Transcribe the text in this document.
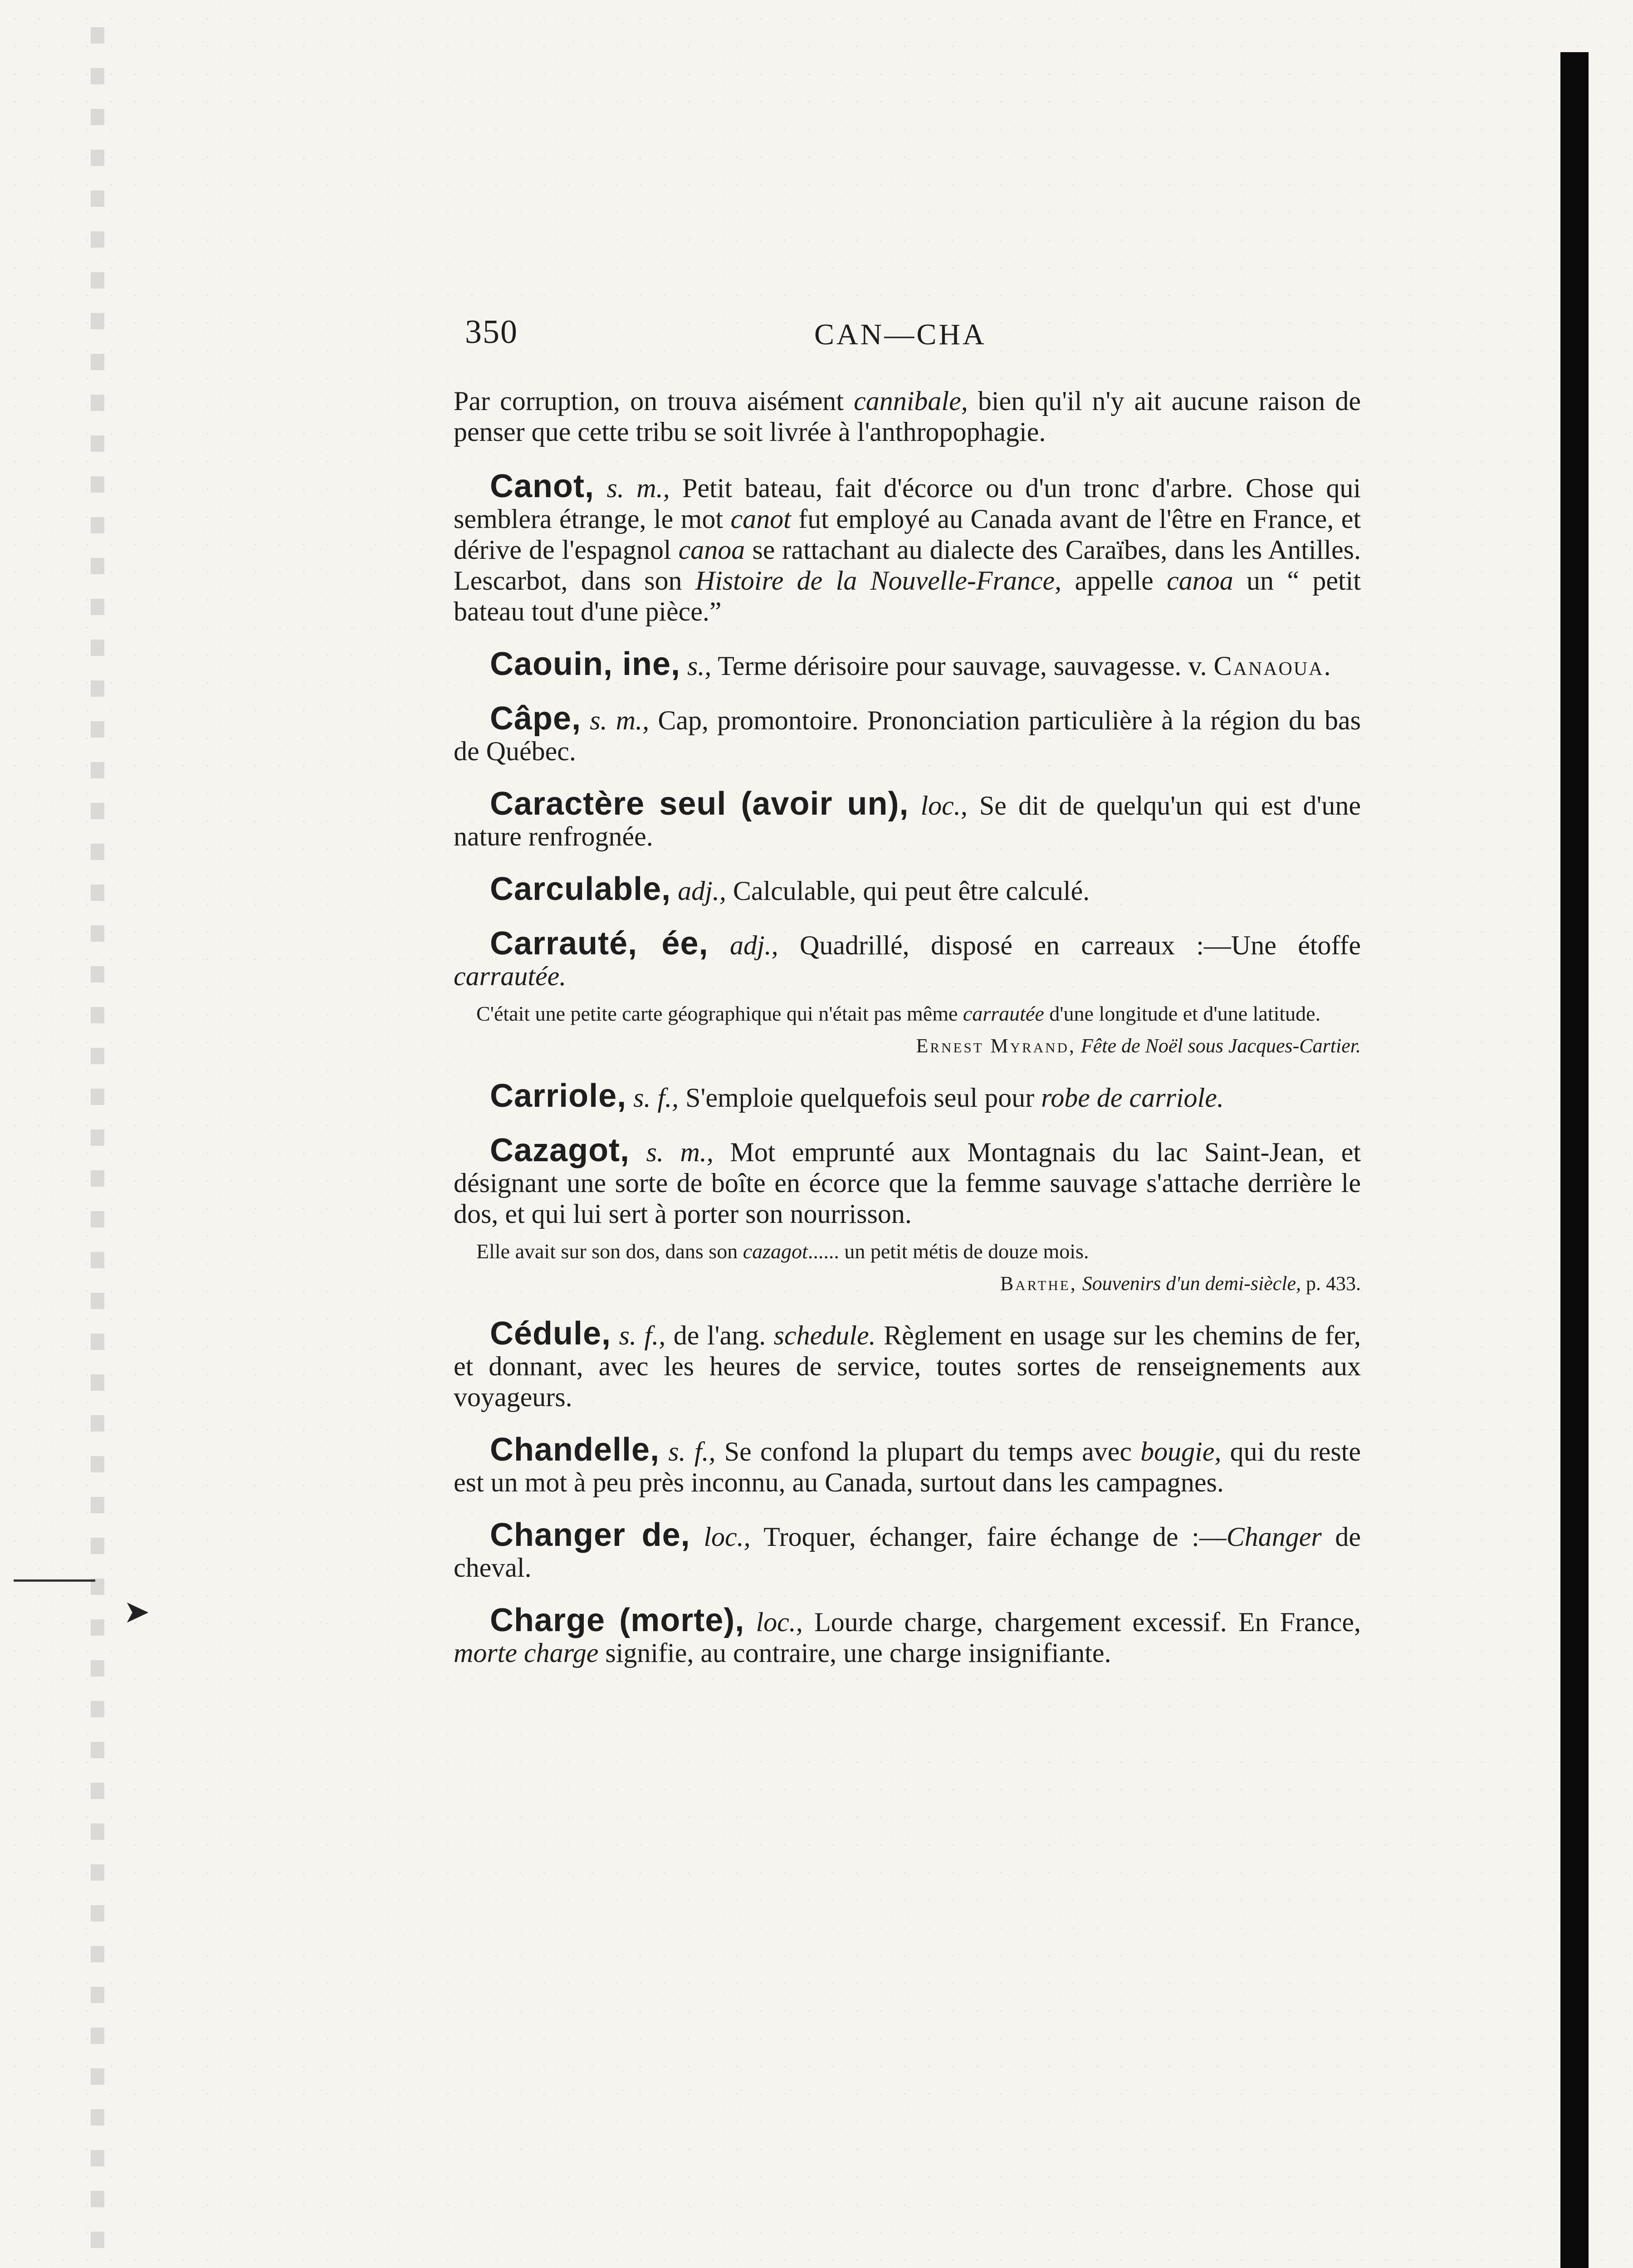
➤
350	CAN—CHA

Par corruption, on trouva aisément cannibale, bien qu'il n'y ait aucune raison de penser que cette tribu se soit livrée à l'anthropophagie.

Canot, s. m., Petit bateau, fait d'écorce ou d'un tronc d'arbre. Chose qui semblera étrange, le mot canot fut employé au Canada avant de l'être en France, et dérive de l'espagnol canoa se rattachant au dialecte des Caraïbes, dans les Antilles. Lescarbot, dans son Histoire de la Nouvelle-France, appelle canoa un “ petit bateau tout d'une pièce.”

Caouin, ine, s., Terme dérisoire pour sauvage, sauvagesse. v. Canaoua.

Câpe, s. m., Cap, promontoire. Prononciation particulière à la région du bas de Québec.

Caractère seul (avoir un), loc., Se dit de quelqu'un qui est d'une nature renfrognée.

Carculable, adj., Calculable, qui peut être calculé.

Carrauté, ée, adj., Quadrillé, disposé en carreaux :—Une étoffe carrautée.

C'était une petite carte géographique qui n'était pas même carrautée d'une longitude et d'une latitude.

Ernest Myrand, Fête de Noël sous Jacques-Cartier.

Carriole, s. f., S'emploie quelquefois seul pour robe de carriole.

Cazagot, s. m., Mot emprunté aux Montagnais du lac Saint-Jean, et désignant une sorte de boîte en écorce que la femme sauvage s'attache derrière le dos, et qui lui sert à porter son nourrisson.

Elle avait sur son dos, dans son cazagot...... un petit métis de douze mois.

Barthe, Souvenirs d'un demi-siècle, p. 433.

Cédule, s. f., de l'ang. schedule. Règlement en usage sur les chemins de fer, et donnant, avec les heures de service, toutes sortes de renseignements aux voyageurs.

Chandelle, s. f., Se confond la plupart du temps avec bougie, qui du reste est un mot à peu près inconnu, au Canada, surtout dans les campagnes.

Changer de, loc., Troquer, échanger, faire échange de :—Changer de cheval.

Charge (morte), loc., Lourde charge, chargement excessif. En France, morte charge signifie, au contraire, une charge insignifiante.
